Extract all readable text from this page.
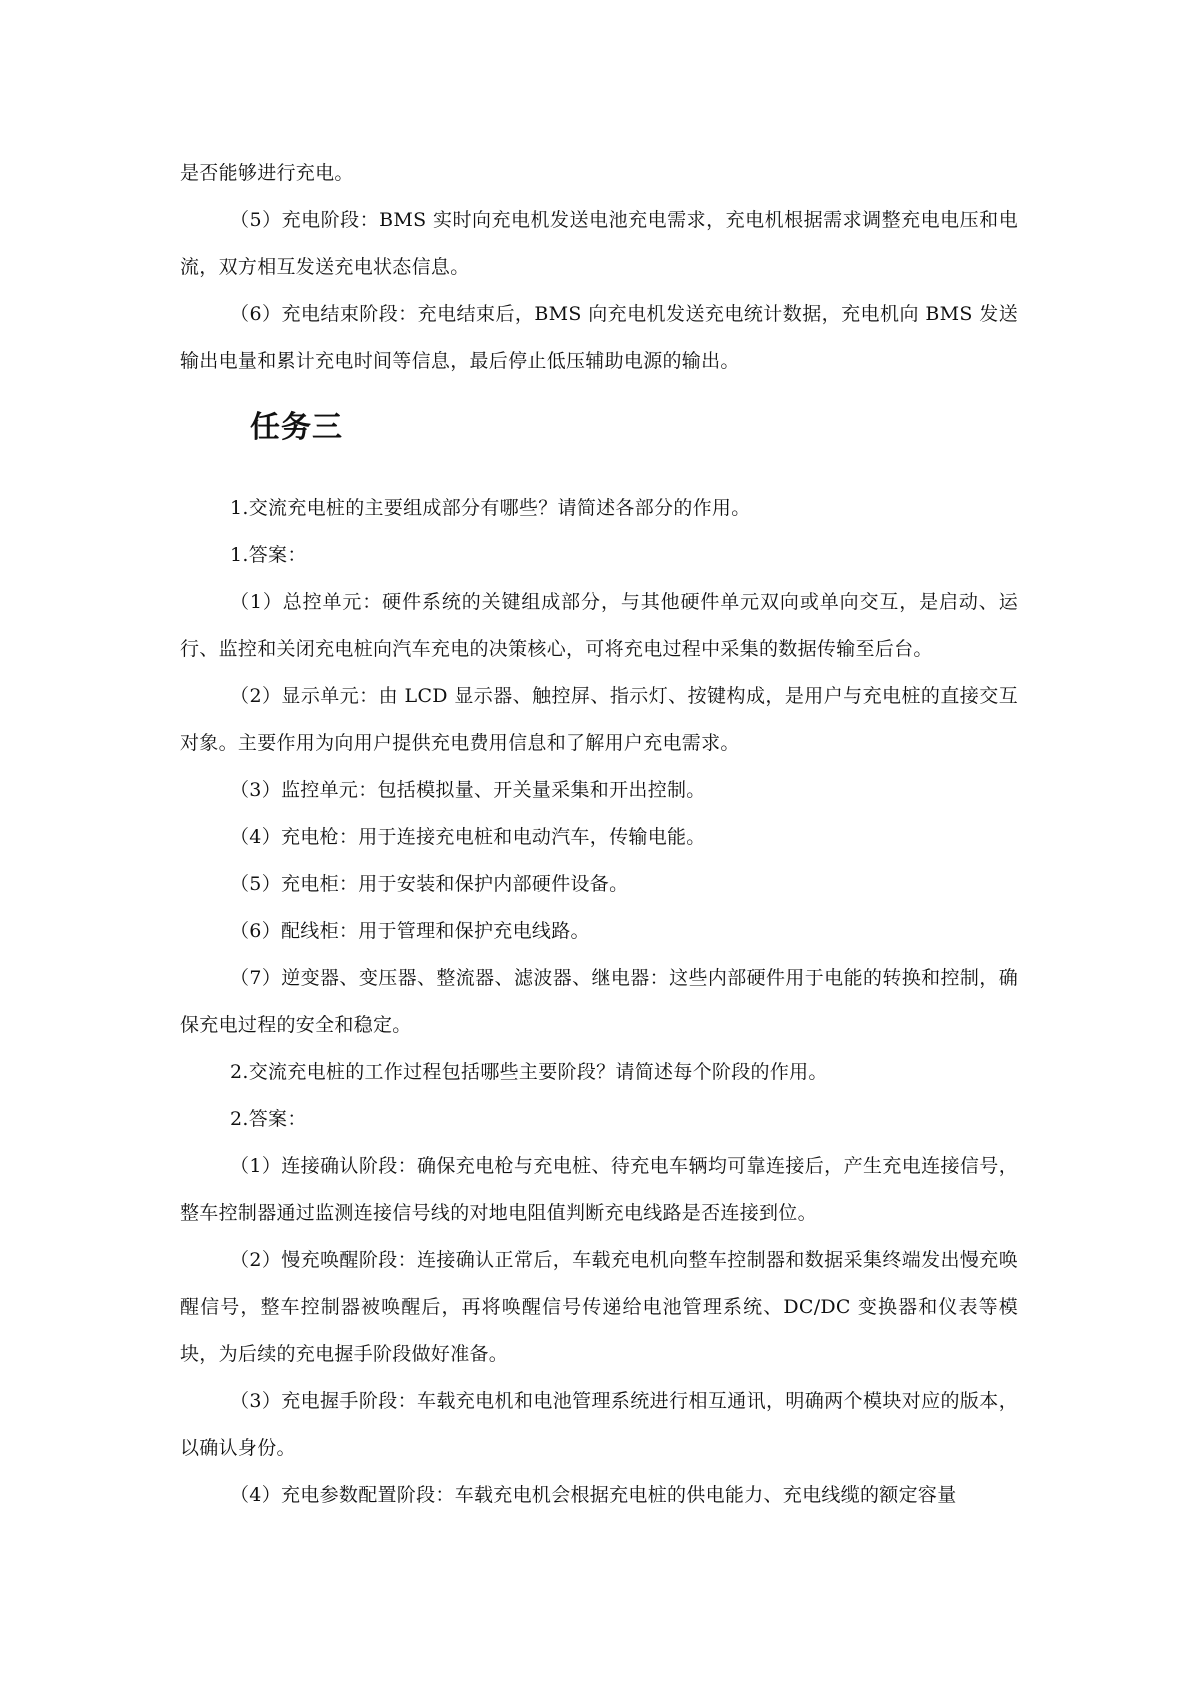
是否能够进行充电。

（5）充电阶段：BMS 实时向充电机发送电池充电需求，充电机根据需求调整充电电压和电流，双方相互发送充电状态信息。

（6）充电结束阶段：充电结束后，BMS 向充电机发送充电统计数据，充电机向 BMS 发送输出电量和累计充电时间等信息，最后停止低压辅助电源的输出。

任务三

1.交流充电桩的主要组成部分有哪些？请简述各部分的作用。

1.答案：

（1）总控单元：硬件系统的关键组成部分，与其他硬件单元双向或单向交互，是启动、运行、监控和关闭充电桩向汽车充电的决策核心，可将充电过程中采集的数据传输至后台。

（2）显示单元：由 LCD 显示器、触控屏、指示灯、按键构成，是用户与充电桩的直接交互对象。主要作用为向用户提供充电费用信息和了解用户充电需求。

（3）监控单元：包括模拟量、开关量采集和开出控制。

（4）充电枪：用于连接充电桩和电动汽车，传输电能。

（5）充电柜：用于安装和保护内部硬件设备。

（6）配线柜：用于管理和保护充电线路。

（7）逆变器、变压器、整流器、滤波器、继电器：这些内部硬件用于电能的转换和控制，确保充电过程的安全和稳定。

2.交流充电桩的工作过程包括哪些主要阶段？请简述每个阶段的作用。

2.答案：

（1）连接确认阶段：确保充电枪与充电桩、待充电车辆均可靠连接后，产生充电连接信号，整车控制器通过监测连接信号线的对地电阻值判断充电线路是否连接到位。

（2）慢充唤醒阶段：连接确认正常后，车载充电机向整车控制器和数据采集终端发出慢充唤醒信号，整车控制器被唤醒后，再将唤醒信号传递给电池管理系统、DC/DC 变换器和仪表等模块，为后续的充电握手阶段做好准备。

（3）充电握手阶段：车载充电机和电池管理系统进行相互通讯，明确两个模块对应的版本，以确认身份。

（4）充电参数配置阶段：车载充电机会根据充电桩的供电能力、充电线缆的额定容量
